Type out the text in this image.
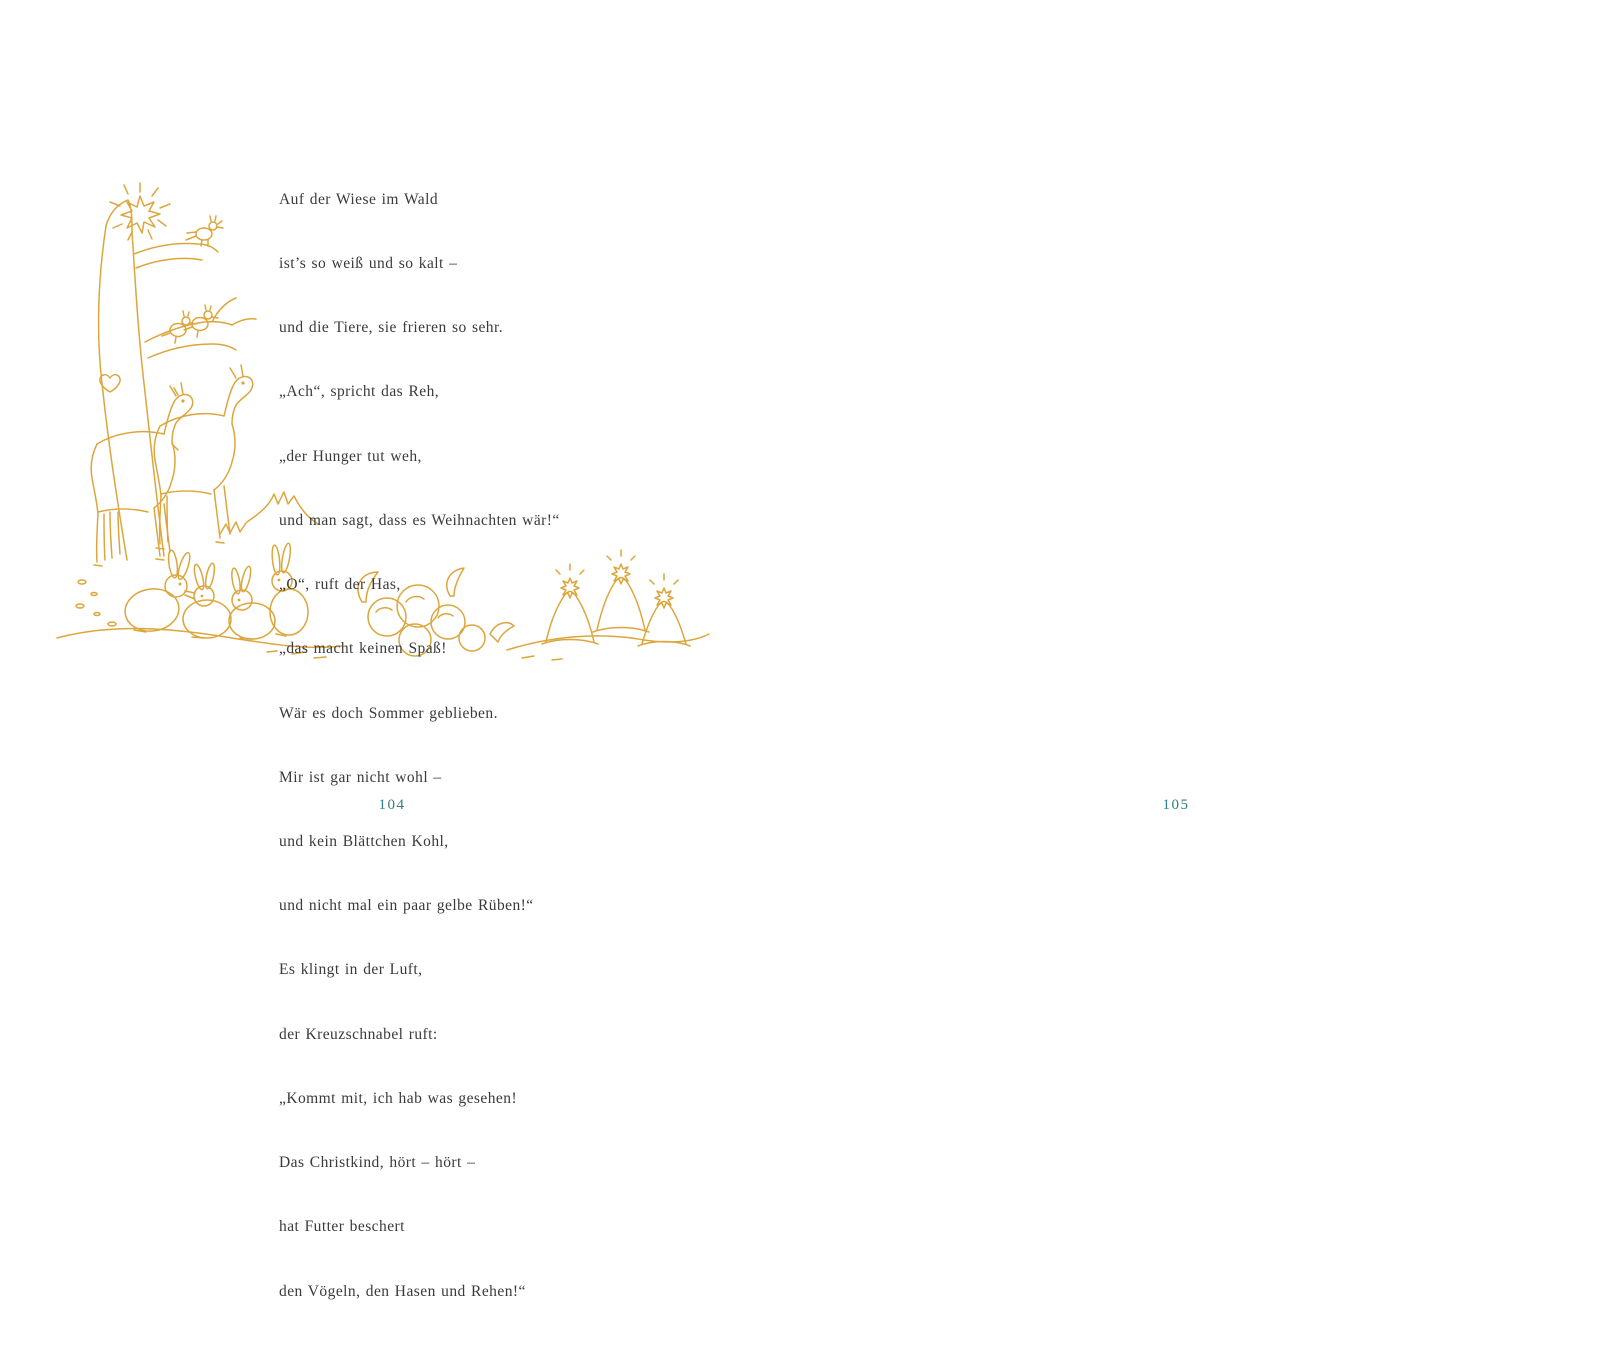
Auf der Wiese im Wald

ist’s so weiß und so kalt –

und die Tiere, sie frieren so sehr.

„Ach“, spricht das Reh,

„der Hunger tut weh,

und man sagt, dass es Weihnachten wär!“

„O“, ruft der Has,

„das macht keinen Spaß!

Wär es doch Sommer geblieben.

Mir ist gar nicht wohl –

und kein Blättchen Kohl,

und nicht mal ein paar gelbe Rüben!“

Es klingt in der Luft,

der Kreuzschnabel ruft:

„Kommt mit, ich hab was gesehen!

Das Christkind, hört – hört –

hat Futter beschert

den Vögeln, den Hasen und Rehen!“

104	105
